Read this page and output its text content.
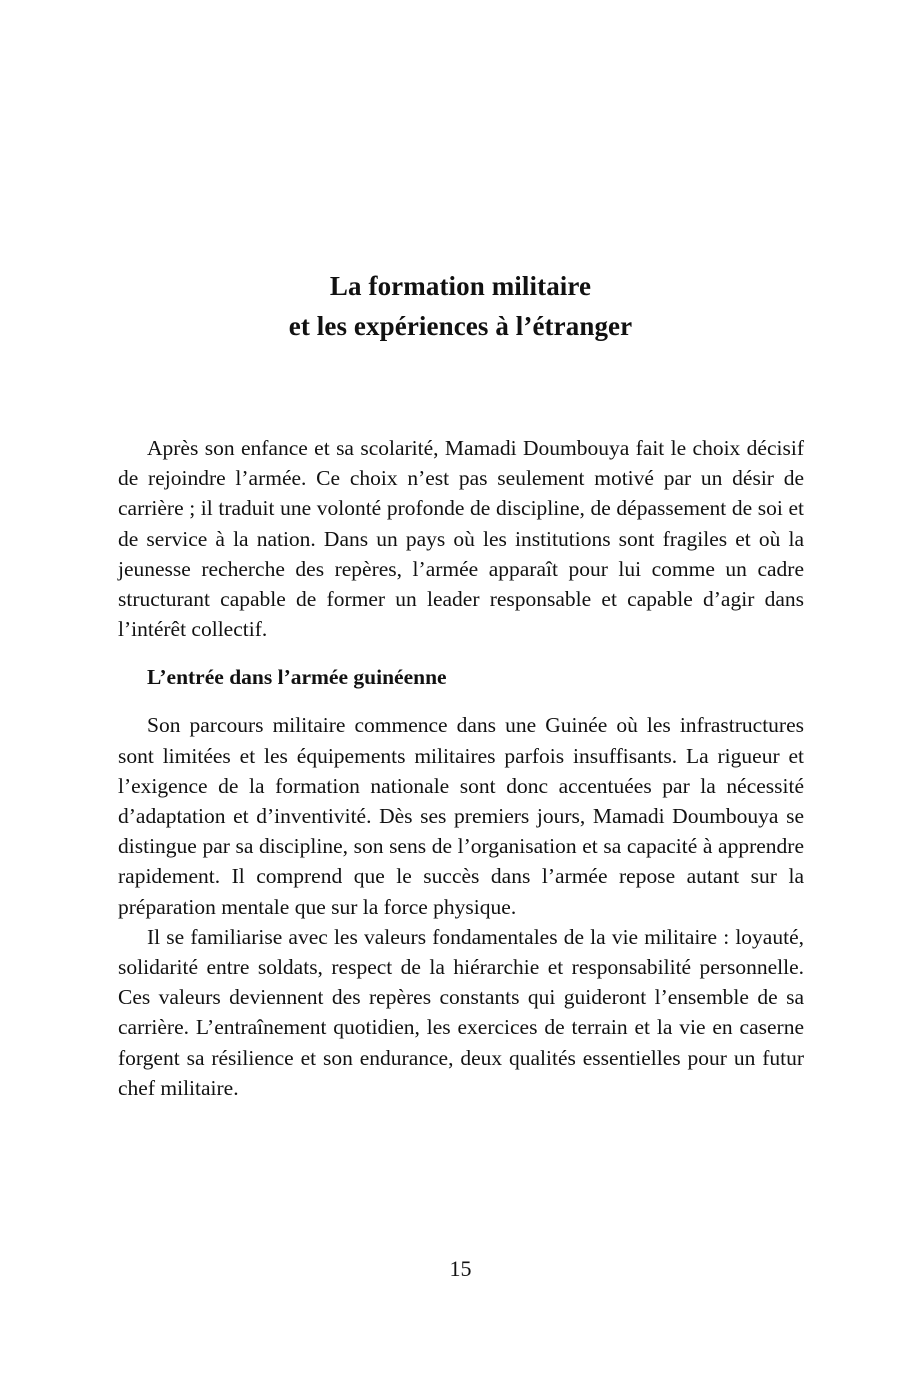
La formation militaire
et les expériences à l’étranger

Après son enfance et sa scolarité, Mamadi Doumbouya fait le choix décisif de rejoindre l’armée. Ce choix n’est pas seulement motivé par un désir de carrière ; il traduit une volonté profonde de discipline, de dépassement de soi et de service à la nation. Dans un pays où les institutions sont fragiles et où la jeunesse recherche des repères, l’armée apparaît pour lui comme un cadre structurant capable de former un leader responsable et capable d’agir dans l’intérêt collectif.

L’entrée dans l’armée guinéenne

Son parcours militaire commence dans une Guinée où les infrastructures sont limitées et les équipements militaires parfois insuffisants. La rigueur et l’exigence de la formation nationale sont donc accentuées par la nécessité d’adaptation et d’inventivité. Dès ses premiers jours, Mamadi Doumbouya se distingue par sa discipline, son sens de l’organisation et sa capacité à apprendre rapidement. Il comprend que le succès dans l’armée repose autant sur la préparation mentale que sur la force physique.

Il se familiarise avec les valeurs fondamentales de la vie militaire : loyauté, solidarité entre soldats, respect de la hiérarchie et responsabilité personnelle. Ces valeurs deviennent des repères constants qui guideront l’ensemble de sa carrière. L’entraînement quotidien, les exercices de terrain et la vie en caserne forgent sa résilience et son endurance, deux qualités essentielles pour un futur chef militaire.

15
